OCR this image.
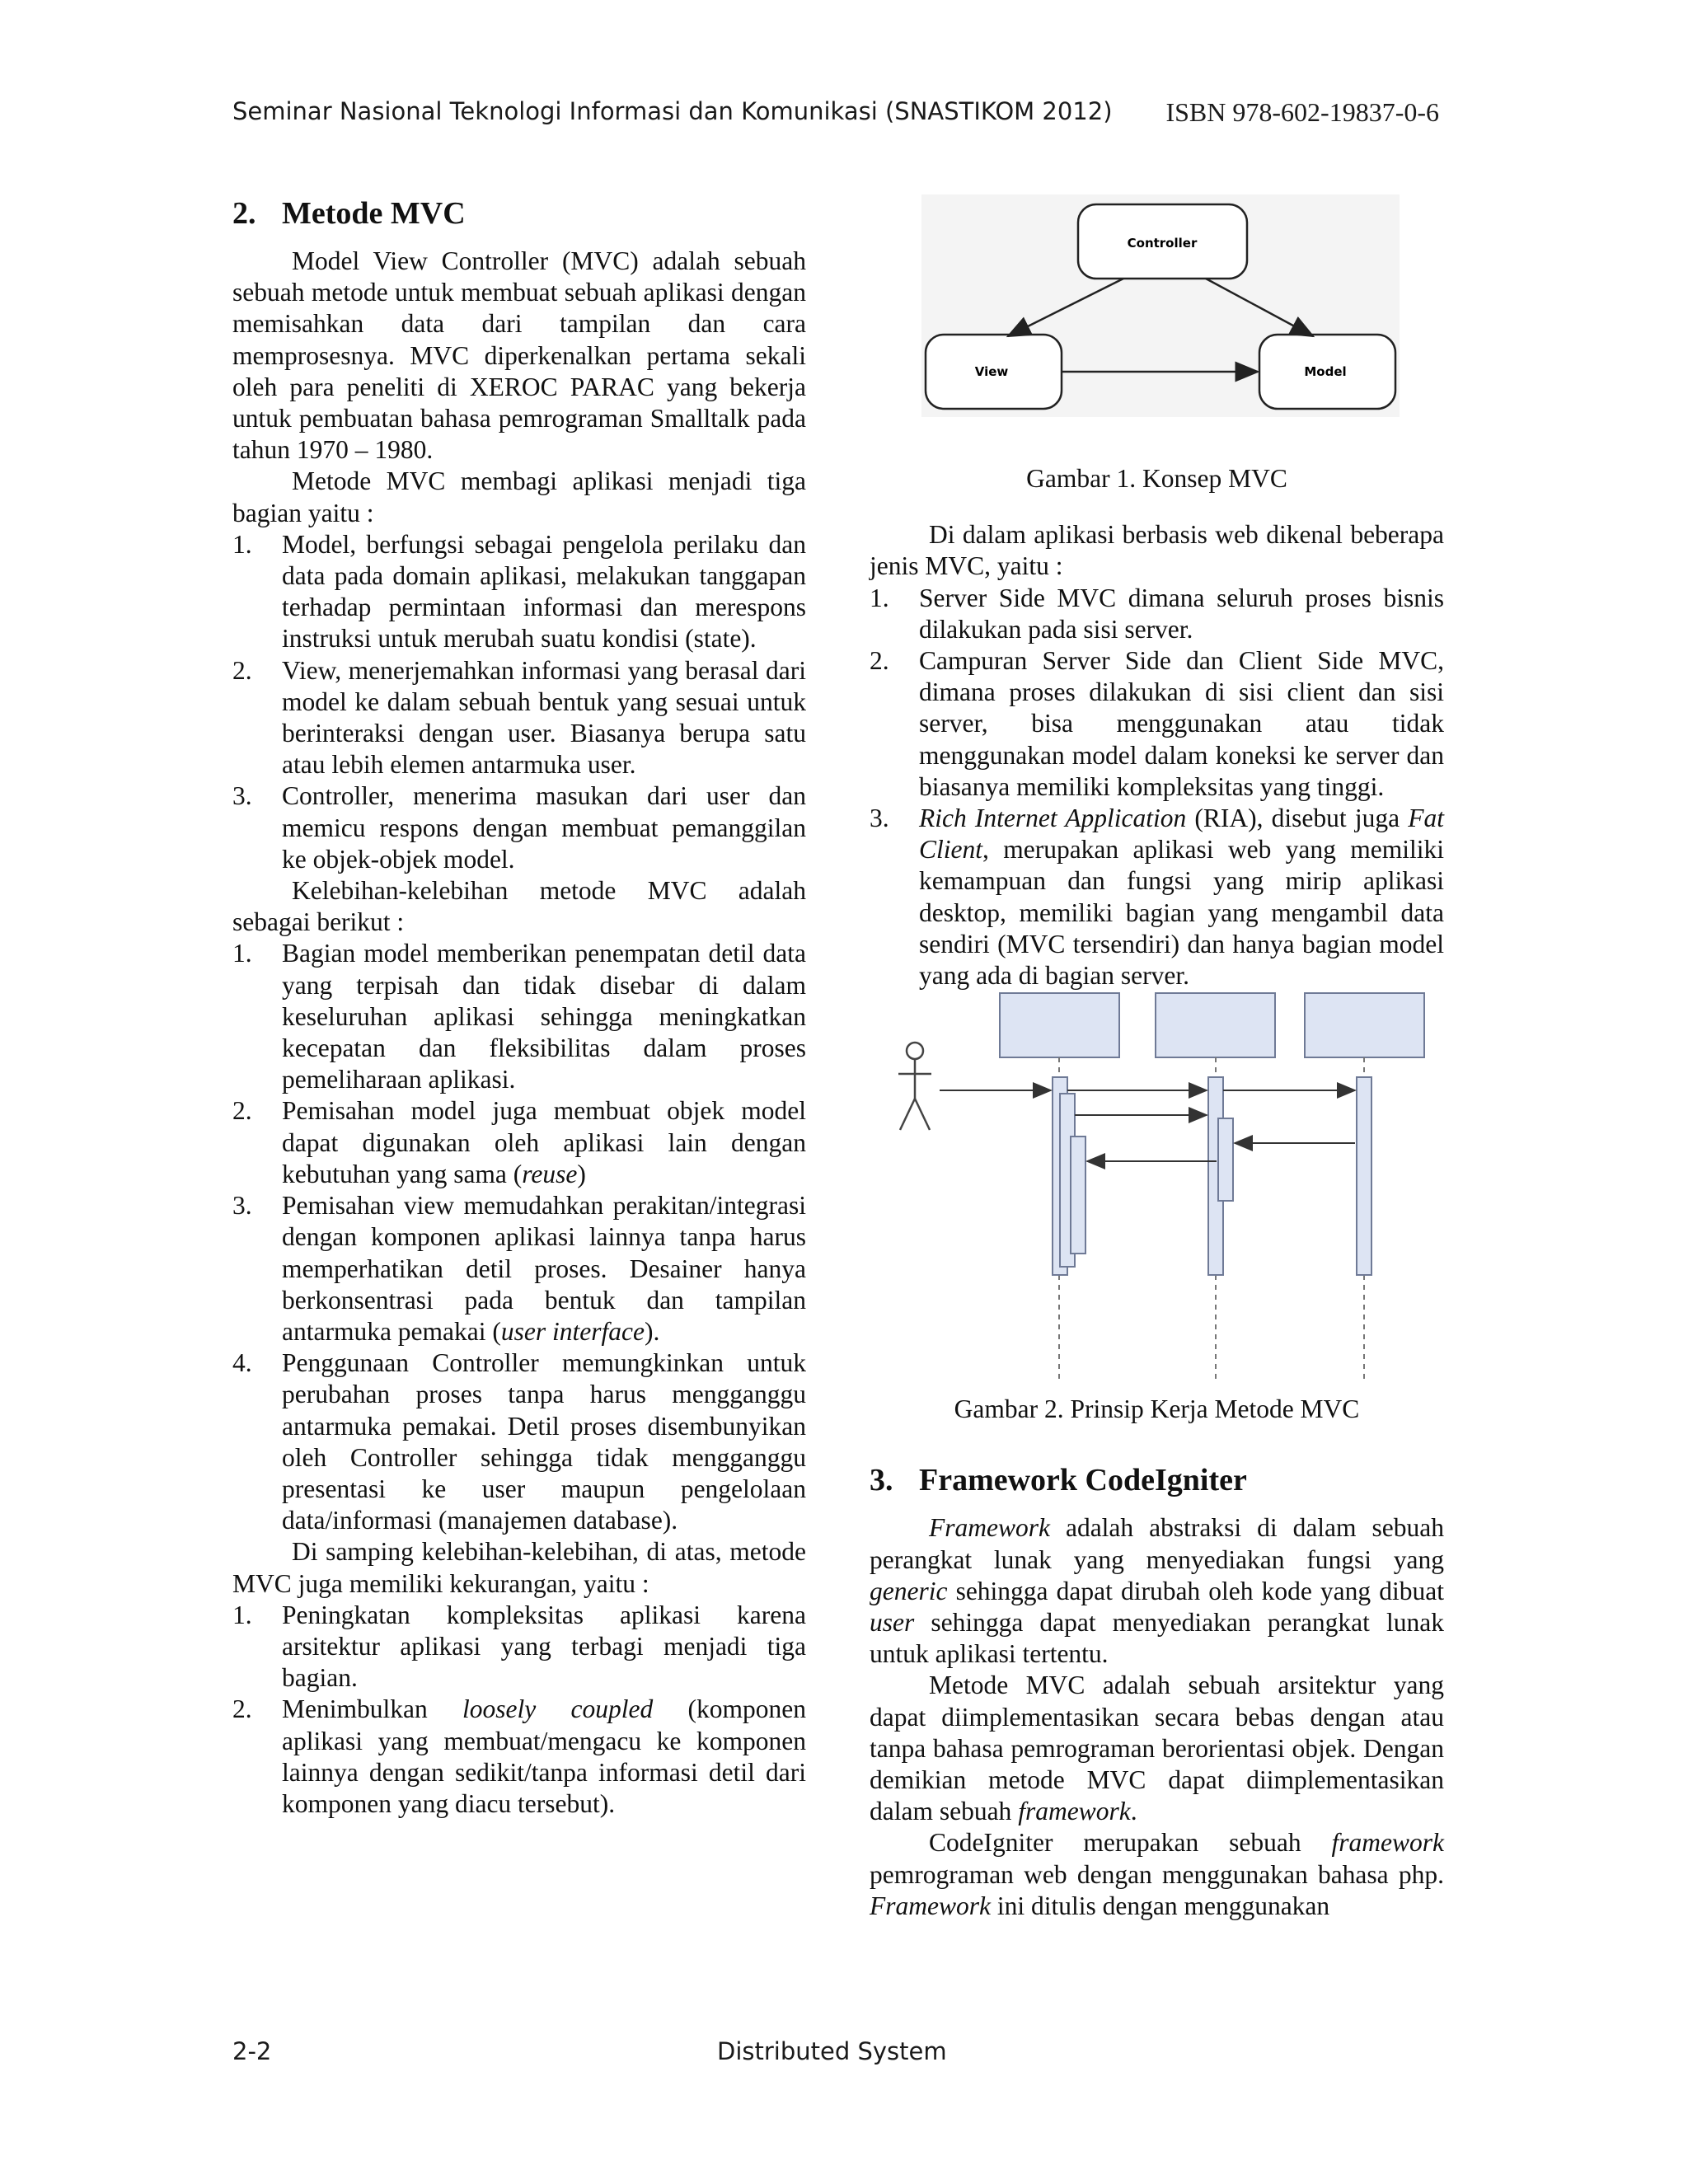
Seminar Nasional Teknologi Informasi dan Komunikasi (SNASTIKOM 2012) ISBN 978-602-19837-0-6
2. Metode MVC

Model View Controller (MVC) adalah sebuah sebuah metode untuk membuat sebuah aplikasi dengan memisahkan data dari tampilan dan cara memprosesnya. MVC diperkenalkan pertama sekali oleh para peneliti di XEROC PARAC yang bekerja untuk pembuatan bahasa pemrograman Smalltalk pada tahun 1970 – 1980.

Metode MVC membagi aplikasi menjadi tiga bagian yaitu :

1. Model, berfungsi sebagai pengelola perilaku dan data pada domain aplikasi, melakukan tanggapan terhadap permintaan informasi dan merespons instruksi untuk merubah suatu kondisi (state).
2. View, menerjemahkan informasi yang berasal dari model ke dalam sebuah bentuk yang sesuai untuk berinteraksi dengan user. Biasanya berupa satu atau lebih elemen antarmuka user.
3. Controller, menerima masukan dari user dan memicu respons dengan membuat pemanggilan ke objek-objek model.

Kelebihan-kelebihan metode MVC adalah sebagai berikut :

1. Bagian model memberikan penempatan detil data yang terpisah dan tidak disebar di dalam keseluruhan aplikasi sehingga meningkatkan kecepatan dan fleksibilitas dalam proses pemeliharaan aplikasi.
2. Pemisahan model juga membuat objek model dapat digunakan oleh aplikasi lain dengan kebutuhan yang sama (reuse)
3. Pemisahan view memudahkan perakitan/integrasi dengan komponen aplikasi lainnya tanpa harus memperhatikan detil proses. Desainer hanya berkonsentrasi pada bentuk dan tampilan antarmuka pemakai (user interface).
4. Penggunaan Controller memungkinkan untuk perubahan proses tanpa harus mengganggu antarmuka pemakai. Detil proses disembunyikan oleh Controller sehingga tidak mengganggu presentasi ke user maupun pengelolaan data/informasi (manajemen database).

Di samping kelebihan-kelebihan, di atas, metode MVC juga memiliki kekurangan, yaitu :

1. Peningkatan kompleksitas aplikasi karena arsitektur aplikasi yang terbagi menjadi tiga bagian.
2. Menimbulkan loosely coupled (komponen aplikasi yang membuat/mengacu ke komponen lainnya dengan sedikit/tanpa informasi detil dari komponen yang diacu tersebut).
Controller
View	Model

Gambar 1. Konsep MVC

Di dalam aplikasi berbasis web dikenal beberapa jenis MVC, yaitu :

1. Server Side MVC dimana seluruh proses bisnis dilakukan pada sisi server.
2. Campuran Server Side dan Client Side MVC, dimana proses dilakukan di sisi client dan sisi server, bisa menggunakan atau tidak menggunakan model dalam koneksi ke server dan biasanya memiliki kompleksitas yang tinggi.
3. Rich Internet Application (RIA), disebut juga Fat Client, merupakan aplikasi web yang memiliki kemampuan dan fungsi yang mirip aplikasi desktop, memiliki bagian yang mengambil data sendiri (MVC tersendiri) dan hanya bagian model yang ada di bagian server.

Gambar 2. Prinsip Kerja Metode MVC

3. Framework CodeIgniter

Framework adalah abstraksi di dalam sebuah perangkat lunak yang menyediakan fungsi yang generic sehingga dapat dirubah oleh kode yang dibuat user sehingga dapat menyediakan perangkat lunak untuk aplikasi tertentu.

Metode MVC adalah sebuah arsitektur yang dapat diimplementasikan secara bebas dengan atau tanpa bahasa pemrograman berorientasi objek. Dengan demikian metode MVC dapat diimplementasikan dalam sebuah framework.

CodeIgniter merupakan sebuah framework pemrograman web dengan menggunakan bahasa php. Framework ini ditulis dengan menggunakan

2-2	Distributed System
